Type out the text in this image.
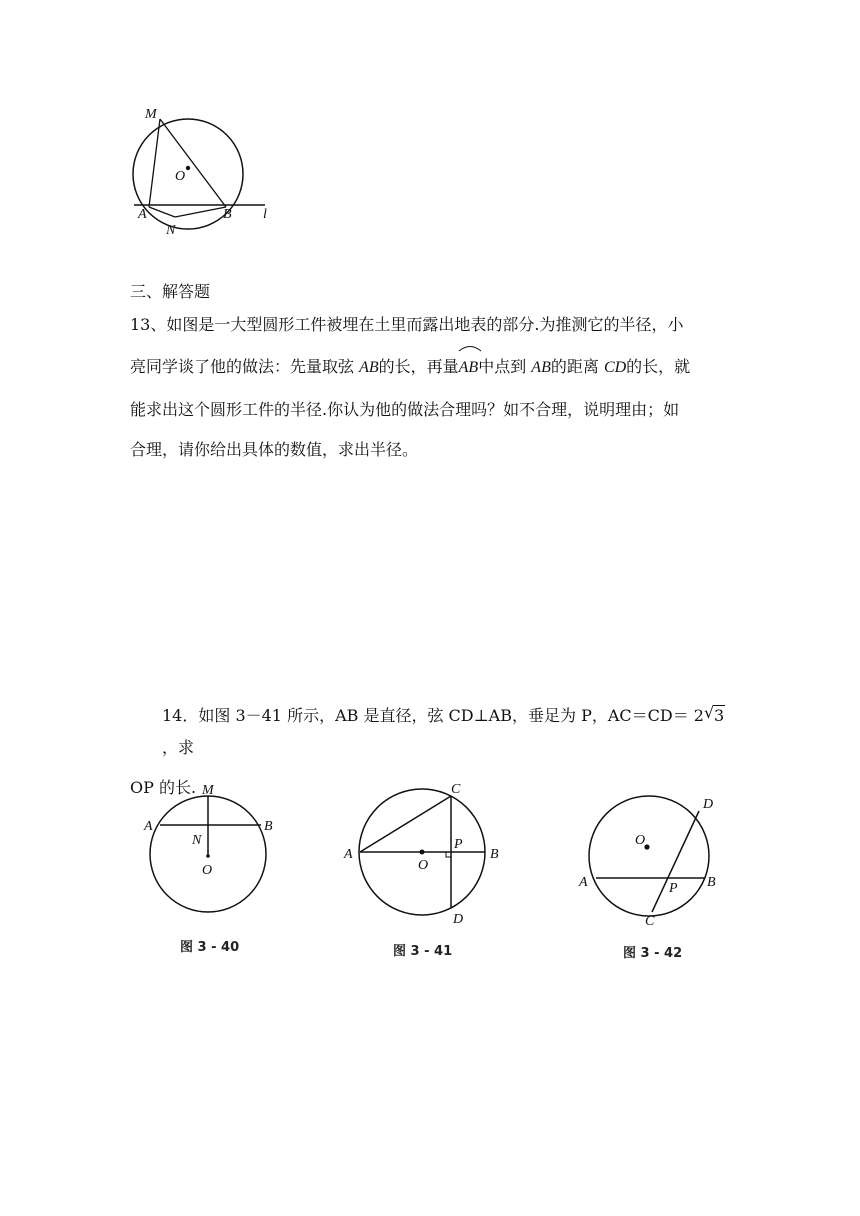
M
O
A
N
B l
三、解答题
13、如图是一大型圆形工件被埋在土里而露出地表的部分.为推测它的半径，小
亮同学谈了他的做法：先量取弦 AB的长，再量
AB中点到 AB的距离 CD的长，就
能求出这个圆形工件的半径.你认为他的做法合理吗？如不合理，说明理由；如
合理，请你给出具体的数值，求出半径。
14．如图 3－41 所示，AB 是直径，弦 CD⊥AB，垂足为 P，AC＝CD＝ 2 √ 3，求
OP 的长. M
A
N
B
O
图 3 - 40
C
A
O
P
B
D
图 3 - 41
D
O
A	P B
C
图 3 - 42
